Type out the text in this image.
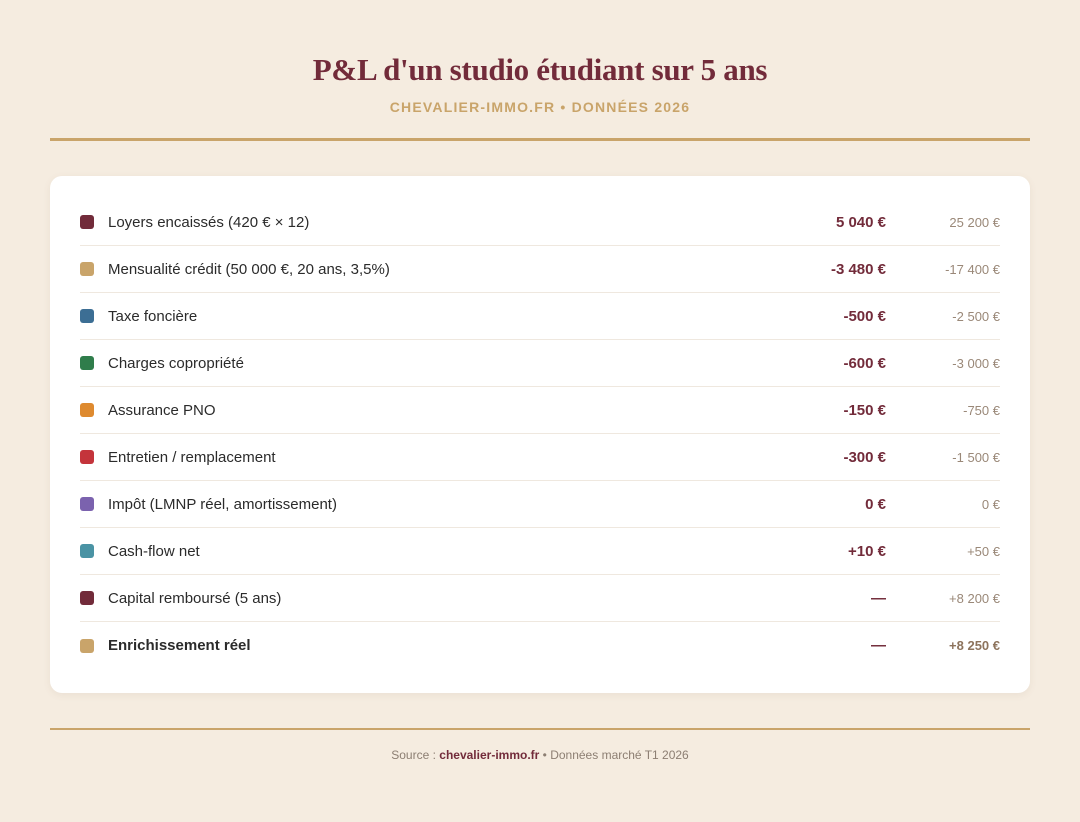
P&L d'un studio étudiant sur 5 ans
CHEVALIER-IMMO.FR • DONNÉES 2026
Loyers encaissés (420 € × 12)	5 040 €	25 200 €
Mensualité crédit (50 000 €, 20 ans, 3,5%)	-3 480 €	-17 400 €
Taxe foncière	-500 €	-2 500 €
Charges copropriété	-600 €	-3 000 €
Assurance PNO	-150 €	-750 €
Entretien / remplacement	-300 €	-1 500 €
Impôt (LMNP réel, amortissement)	0 €	0 €
Cash-flow net	+10 €	+50 €
Capital remboursé (5 ans)	—	+8 200 €
Enrichissement réel	—	+8 250 €
Source : chevalier-immo.fr • Données marché T1 2026
